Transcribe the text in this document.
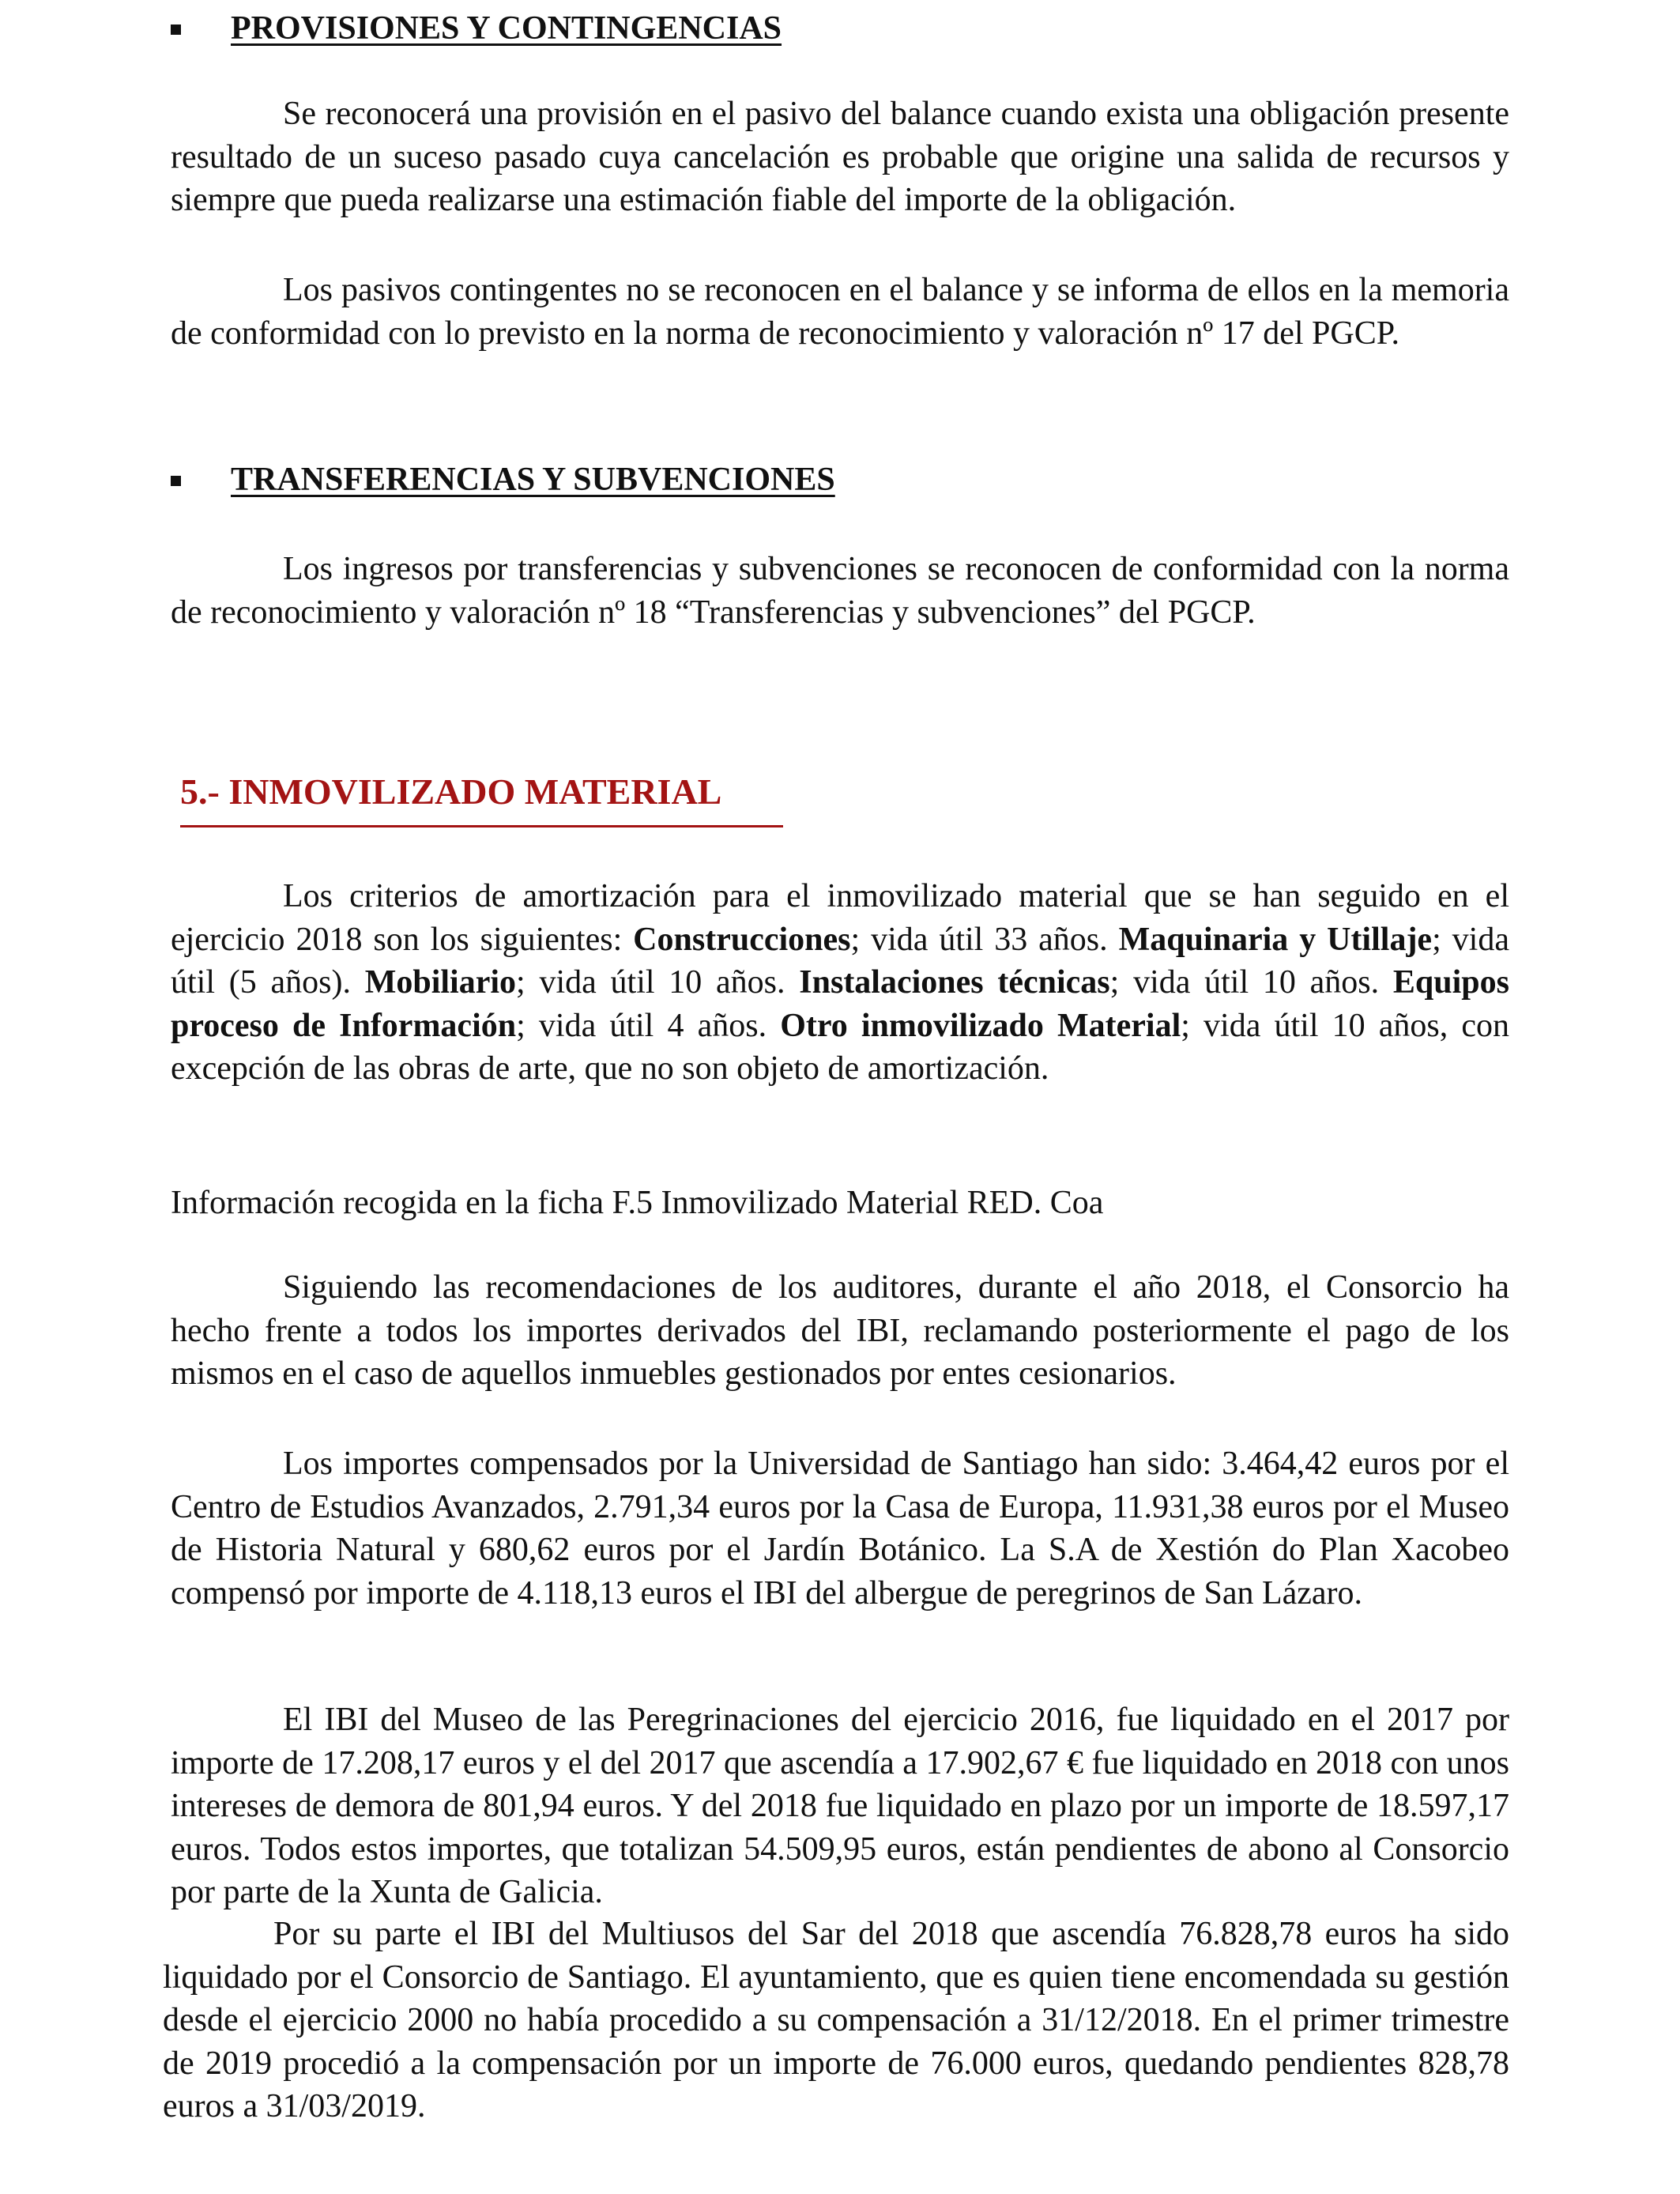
PROVISIONES Y CONTINGENCIAS
Se reconocerá una provisión en el pasivo del balance cuando exista una obligación presente resultado de un suceso pasado cuya cancelación es probable que origine una salida de recursos y siempre que pueda realizarse una estimación fiable del importe de la obligación.
Los pasivos contingentes no se reconocen en el balance y se informa de ellos en la memoria de conformidad con lo previsto en la norma de reconocimiento y valoración nº 17 del PGCP.
TRANSFERENCIAS Y SUBVENCIONES
Los ingresos por transferencias y subvenciones se reconocen de conformidad con la norma de reconocimiento y valoración nº 18 “Transferencias y subvenciones” del PGCP.
5.- INMOVILIZADO MATERIAL
Los criterios de amortización para el inmovilizado material que se han seguido en el ejercicio 2018 son los siguientes: Construcciones; vida útil 33 años. Maquinaria y Utillaje; vida útil (5 años). Mobiliario; vida útil 10 años. Instalaciones técnicas; vida útil 10 años. Equipos proceso de Información; vida útil 4 años. Otro inmovilizado Material; vida útil 10 años, con excepción de las obras de arte, que no son objeto de amortización.
Información recogida en la ficha F.5 Inmovilizado Material RED. Coa
Siguiendo las recomendaciones de los auditores, durante el año 2018, el Consorcio ha hecho frente a todos los importes derivados del IBI, reclamando posteriormente el pago de los mismos en el caso de aquellos inmuebles gestionados por entes cesionarios.
Los importes compensados por la Universidad de Santiago han sido: 3.464,42 euros por el Centro de Estudios Avanzados, 2.791,34 euros por la Casa de Europa, 11.931,38 euros por el Museo de Historia Natural y 680,62 euros por el Jardín Botánico. La S.A de Xestión do Plan Xacobeo compensó por importe de 4.118,13 euros el IBI del albergue de peregrinos de San Lázaro.
El IBI del Museo de las Peregrinaciones del ejercicio 2016, fue liquidado en el 2017 por importe de 17.208,17 euros y el del 2017 que ascendía a 17.902,67 € fue liquidado en 2018 con unos intereses de demora de 801,94 euros. Y del 2018 fue liquidado en plazo por un importe de 18.597,17 euros. Todos estos importes, que totalizan 54.509,95 euros, están pendientes de abono al Consorcio por parte de la Xunta de Galicia.
Por su parte el IBI del Multiusos del Sar del 2018 que ascendía 76.828,78 euros ha sido liquidado por el Consorcio de Santiago. El ayuntamiento, que es quien tiene encomendada su gestión desde el ejercicio 2000 no había procedido a su compensación a 31/12/2018. En el primer trimestre de 2019 procedió a la compensación por un importe de 76.000 euros, quedando pendientes 828,78 euros a 31/03/2019.
